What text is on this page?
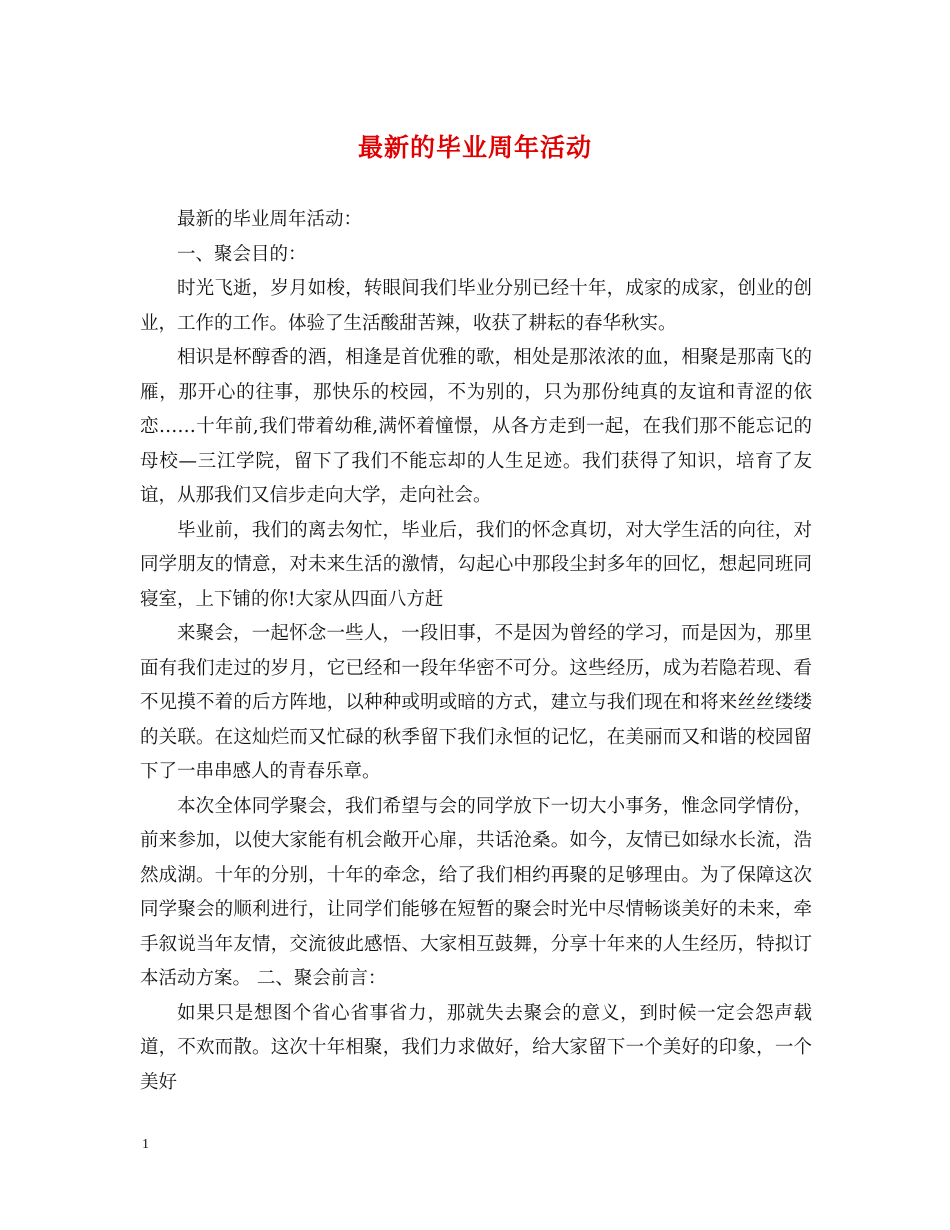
最新的毕业周年活动

最新的毕业周年活动：

一、聚会目的：

时光飞逝，岁月如梭，转眼间我们毕业分别已经十年，成家的成家，创业的创业，工作的工作。体验了生活酸甜苦辣，收获了耕耘的春华秋实。

相识是杯醇香的酒，相逢是首优雅的歌，相处是那浓浓的血，相聚是那南飞的雁，那开心的往事，那快乐的校园，不为别的，只为那份纯真的友谊和青涩的依恋……十年前,我们带着幼稚,满怀着憧憬，从各方走到一起，在我们那不能忘记的母校—三江学院，留下了我们不能忘却的人生足迹。我们获得了知识，培育了友谊，从那我们又信步走向大学，走向社会。

毕业前，我们的离去匆忙，毕业后，我们的怀念真切，对大学生活的向往，对同学朋友的情意，对未来生活的激情，勾起心中那段尘封多年的回忆，想起同班同寝室，上下铺的你!大家从四面八方赶

来聚会，一起怀念一些人，一段旧事，不是因为曾经的学习，而是因为，那里面有我们走过的岁月，它已经和一段年华密不可分。这些经历，成为若隐若现、看不见摸不着的后方阵地，以种种或明或暗的方式，建立与我们现在和将来丝丝缕缕的关联。在这灿烂而又忙碌的秋季留下我们永恒的记忆，在美丽而又和谐的校园留下了一串串感人的青春乐章。

本次全体同学聚会，我们希望与会的同学放下一切大小事务，惟念同学情份，前来参加，以使大家能有机会敞开心扉，共话沧桑。如今，友情已如绿水长流，浩然成湖。十年的分别，十年的牵念，给了我们相约再聚的足够理由。为了保障这次同学聚会的顺利进行，让同学们能够在短暂的聚会时光中尽情畅谈美好的未来，牵手叙说当年友情，交流彼此感悟、大家相互鼓舞，分享十年来的人生经历，特拟订本活动方案。 二、聚会前言：

如果只是想图个省心省事省力，那就失去聚会的意义，到时候一定会怨声载道，不欢而散。这次十年相聚，我们力求做好，给大家留下一个美好的印象，一个美好

1
